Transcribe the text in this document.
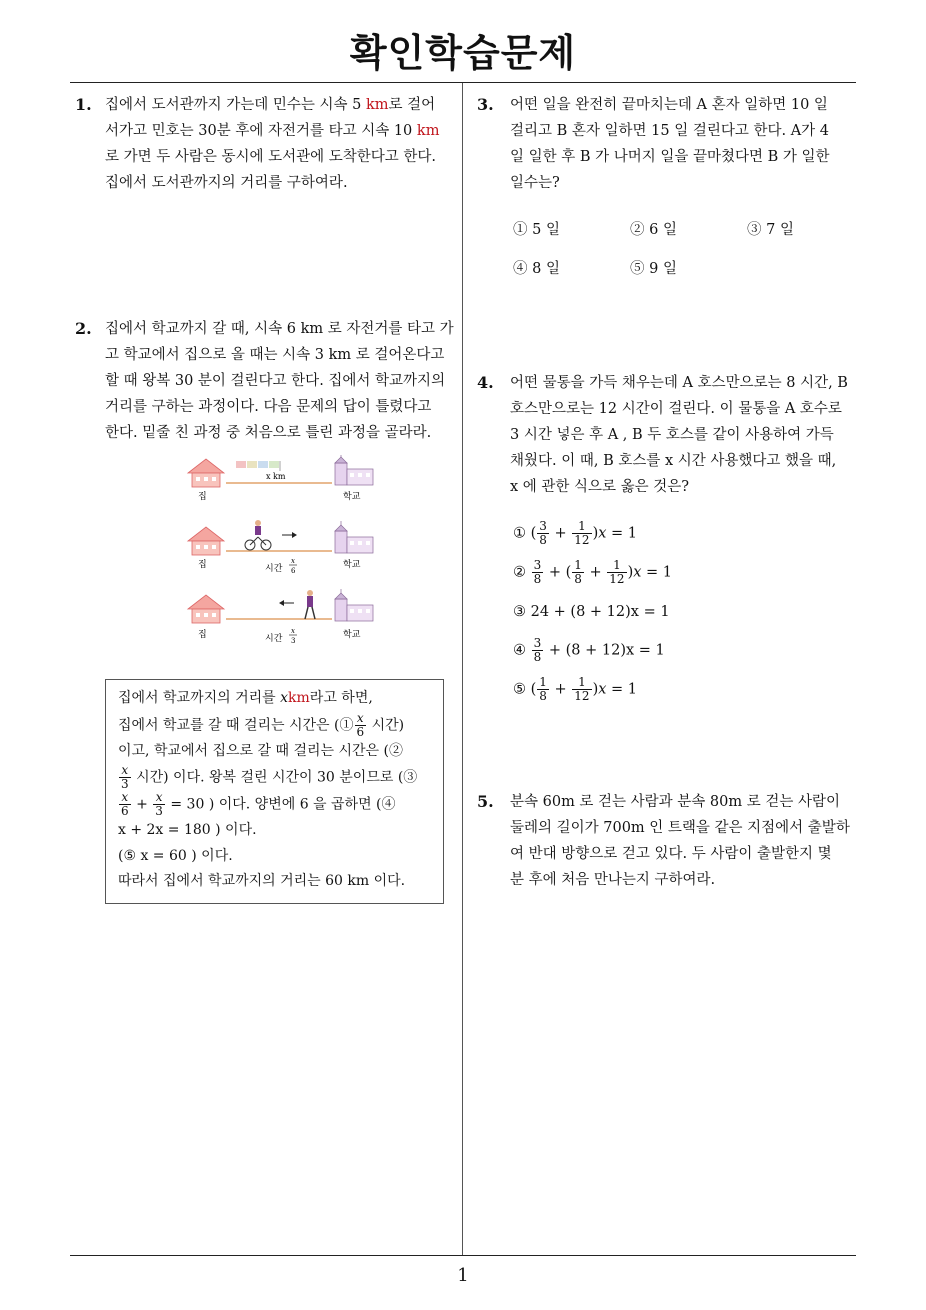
확인학습문제
1
1. 집에서 도서관까지 가는데 민수는 시속 5 km로 걸어
서가고 민호는 30분 후에 자전거를 타고 시속 10 km
로 가면 두 사람은 동시에 도서관에 도착한다고 한다.
집에서 도서관까지의 거리를 구하여라.
2. 집에서 학교까지 갈 때, 시속 6 km 로 자전거를 타고 가
고 학교에서 집으로 올 때는 시속 3 km 로 걸어온다고
할 때 왕복 30 분이 걸린다고 한다. 집에서 학교까지의
거리를 구하는 과정이다. 다음 문제의 답이 틀렸다고
한다. 밑줄 친 과정 중 처음으로 틀린 과정을 골라라.
x km
집	학교
집	시간
x
6
학교
집	시간
x
3
학교

집에서 학교까지의 거리를 xkm라고 하면,

집에서 학교를 갈 때 걸리는 시간은 (① $\frac{x}{6}$ 시간)

이고, 학교에서 집으로 갈 때 걸리는 시간은 (②

$\frac{x}{3}$ 시간) 이다. 왕복 걸린 시간이 30 분이므로 (③

$\frac{x}{6} + \frac{x}{3} = 30$ ) 이다. 양변에 6 을 곱하면 (④

x + 2x = 180 ) 이다.

(⑤ x = 60 ) 이다.

따라서 집에서 학교까지의 거리는 60 km 이다.

3. 어떤 일을 완전히 끝마치는데 A 혼자 일하면 10 일
걸리고 B 혼자 일하면 15 일 걸린다고 한다. A가 4
일 일한 후 B 가 나머지 일을 끝마쳤다면 B 가 일한
일수는?
① 5 일	② 6 일	③ 7 일
④ 8 일	⑤ 9 일
4. 어떤 물통을 가득 채우는데 A 호스만으로는 8 시간, B
호스만으로는 12 시간이 걸린다. 이 물통을 A 호수로
3 시간 넣은 후 A , B 두 호스를 같이 사용하여 가득
채웠다. 이 때, B 호스를 x 시간 사용했다고 했을 때,
x 에 관한 식으로 옳은 것은?
① ( $\frac{3}{8} + \frac{1}{12} )x = 1$
② $\frac{3}{8}$ + ( $\frac{1}{8} + \frac{1}{12} )x = 1$
③ 24 + (8 + 12)x = 1
④ $\frac{3}{8} + (8 + 12)x = 1$
⑤ ( $\frac{1}{8} + \frac{1}{12} )x = 1$
5. 분속 60m 로 걷는 사람과 분속 80m 로 걷는 사람이
둘레의 길이가 700m 인 트랙을 같은 지점에서 출발하
여 반대 방향으로 걷고 있다. 두 사람이 출발한지 몇
분 후에 처음 만나는지 구하여라.
